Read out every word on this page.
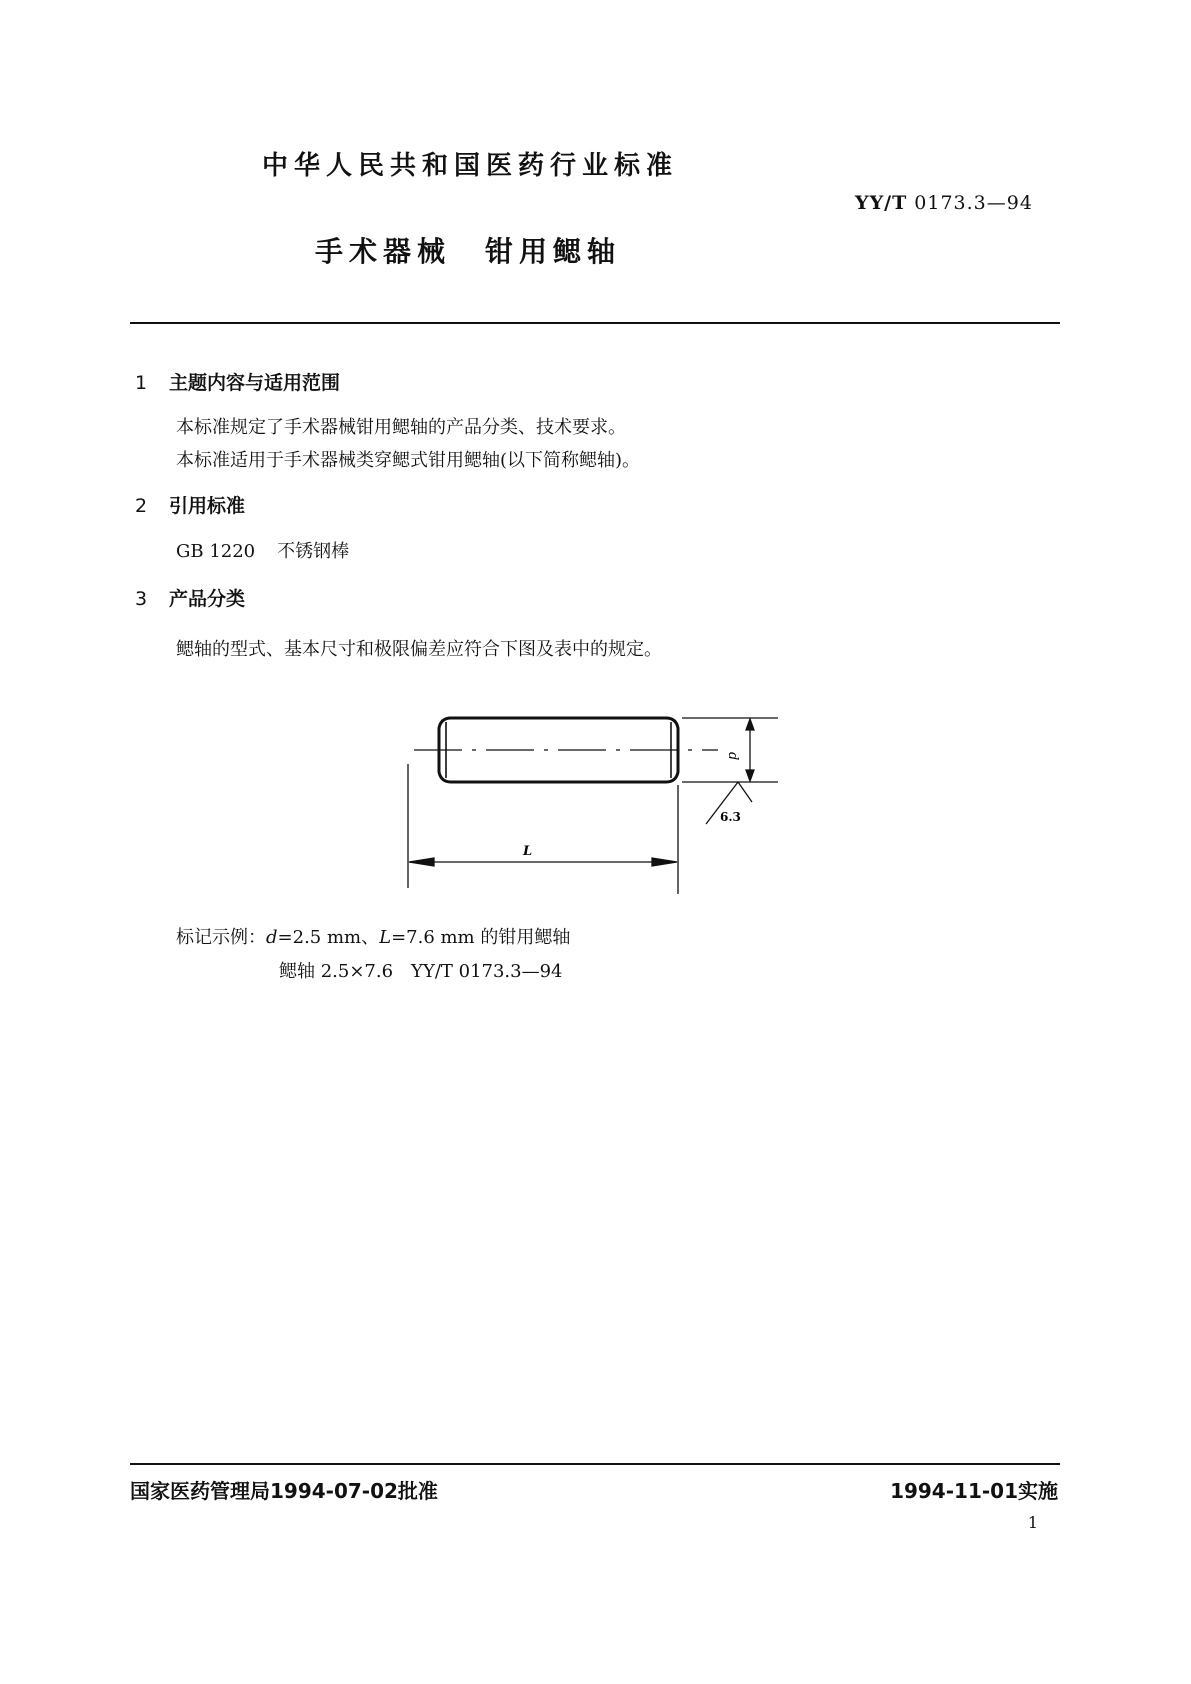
中华人民共和国医药行业标准
YY/T 0173.3—94
手术器械　钳用鳃轴
1 主题内容与适用范围
本标准规定了手术器械钳用鳃轴的产品分类、技术要求。
本标准适用于手术器械类穿鳃式钳用鳃轴(以下简称鳃轴)。
2 引用标准
GB 1220 不锈钢棒
3 产品分类
鳃轴的型式、基本尺寸和极限偏差应符合下图及表中的规定。
d
6.3
L
标记示例：d=2.5 mm、L=7.6 mm 的钳用鳃轴
鳃轴 2.5×7.6　YY/T 0173.3—94
国家医药管理局1994-07-02批准	1994-11-01实施
1
